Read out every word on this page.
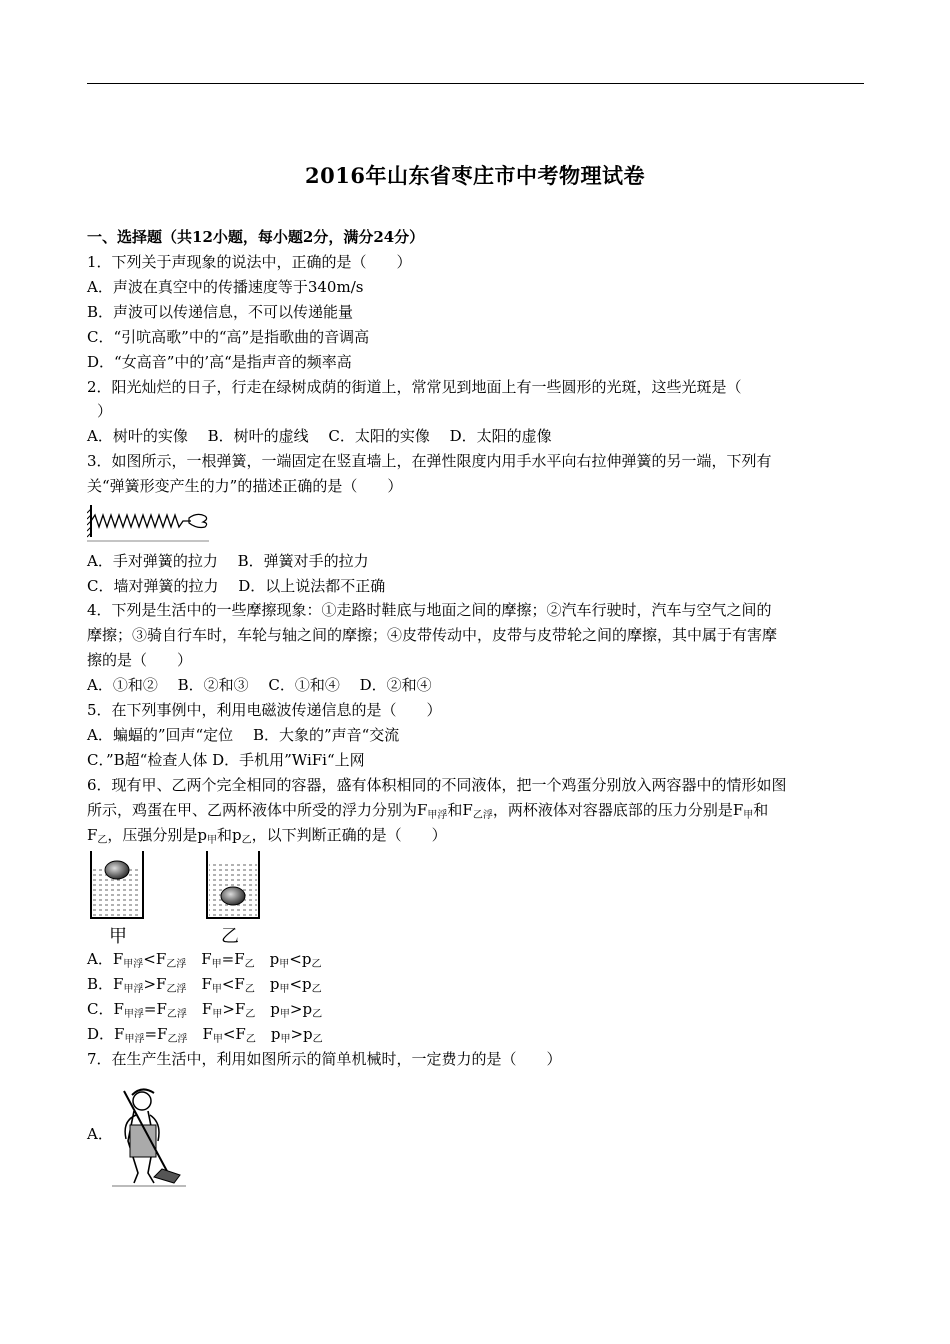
2016年山东省枣庄市中考物理试卷
一、选择题（共12小题，每小题2分，满分24分）
1．下列关于声现象的说法中，正确的是（　　）
A．声波在真空中的传播速度等于340m/s
B．声波可以传递信息，不可以传递能量
C．“引吭高歌”中的“高”是指歌曲的音调高
D．“女高音”中的’高“是指声音的频率高
2．阳光灿烂的日子，行走在绿树成荫的街道上，常常见到地面上有一些圆形的光斑，这些光斑是（
）
A．树叶的实像　 B．树叶的虚线　 C．太阳的实像　 D．太阳的虚像
3．如图所示，一根弹簧，一端固定在竖直墙上，在弹性限度内用手水平向右拉伸弹簧的另一端，下列有
关“弹簧形变产生的力”的描述正确的是（　　）
A．手对弹簧的拉力　 B．弹簧对手的拉力
C．墙对弹簧的拉力　 D．以上说法都不正确
4．下列是生活中的一些摩擦现象：①走路时鞋底与地面之间的摩擦；②汽车行驶时，汽车与空气之间的
摩擦；③骑自行车时，车轮与轴之间的摩擦；④皮带传动中，皮带与皮带轮之间的摩擦，其中属于有害摩
擦的是（　　）
A．①和②　 B．②和③　 C．①和④　 D．②和④
5．在下列事例中，利用电磁波传递信息的是（　　）
A．蝙蝠的”回声“定位　 B．大象的”声音“交流
C．”B超“检查人体 D．手机用”WiFi“上网
6．现有甲、乙两个完全相同的容器，盛有体积相同的不同液体，把一个鸡蛋分别放入两容器中的情形如图
所示，鸡蛋在甲、乙两杯液体中所受的浮力分别为$F_{甲浮}$和$F_{乙浮}$，两杯液体对容器底部的压力分别是$F_甲$和
$F_乙$，压强分别是$p_甲$和$p_乙$，以下判断正确的是（　　）
甲	乙
A．$F_{甲浮}<F_{乙浮}$  $F_甲=F_乙$  $p_甲<p_乙$
B．$F_{甲浮}>F_{乙浮}$  $F_甲<F_乙$  $p_甲<p_乙$
C．$F_{甲浮}=F_{乙浮}$  $F_甲>F_乙$  $p_甲>p_乙$
D．$F_{甲浮}=F_{乙浮}$  $F_甲<F_乙$  $p_甲>p_乙$
7．在生产生活中，利用如图所示的简单机械时，一定费力的是（　　）
A．
